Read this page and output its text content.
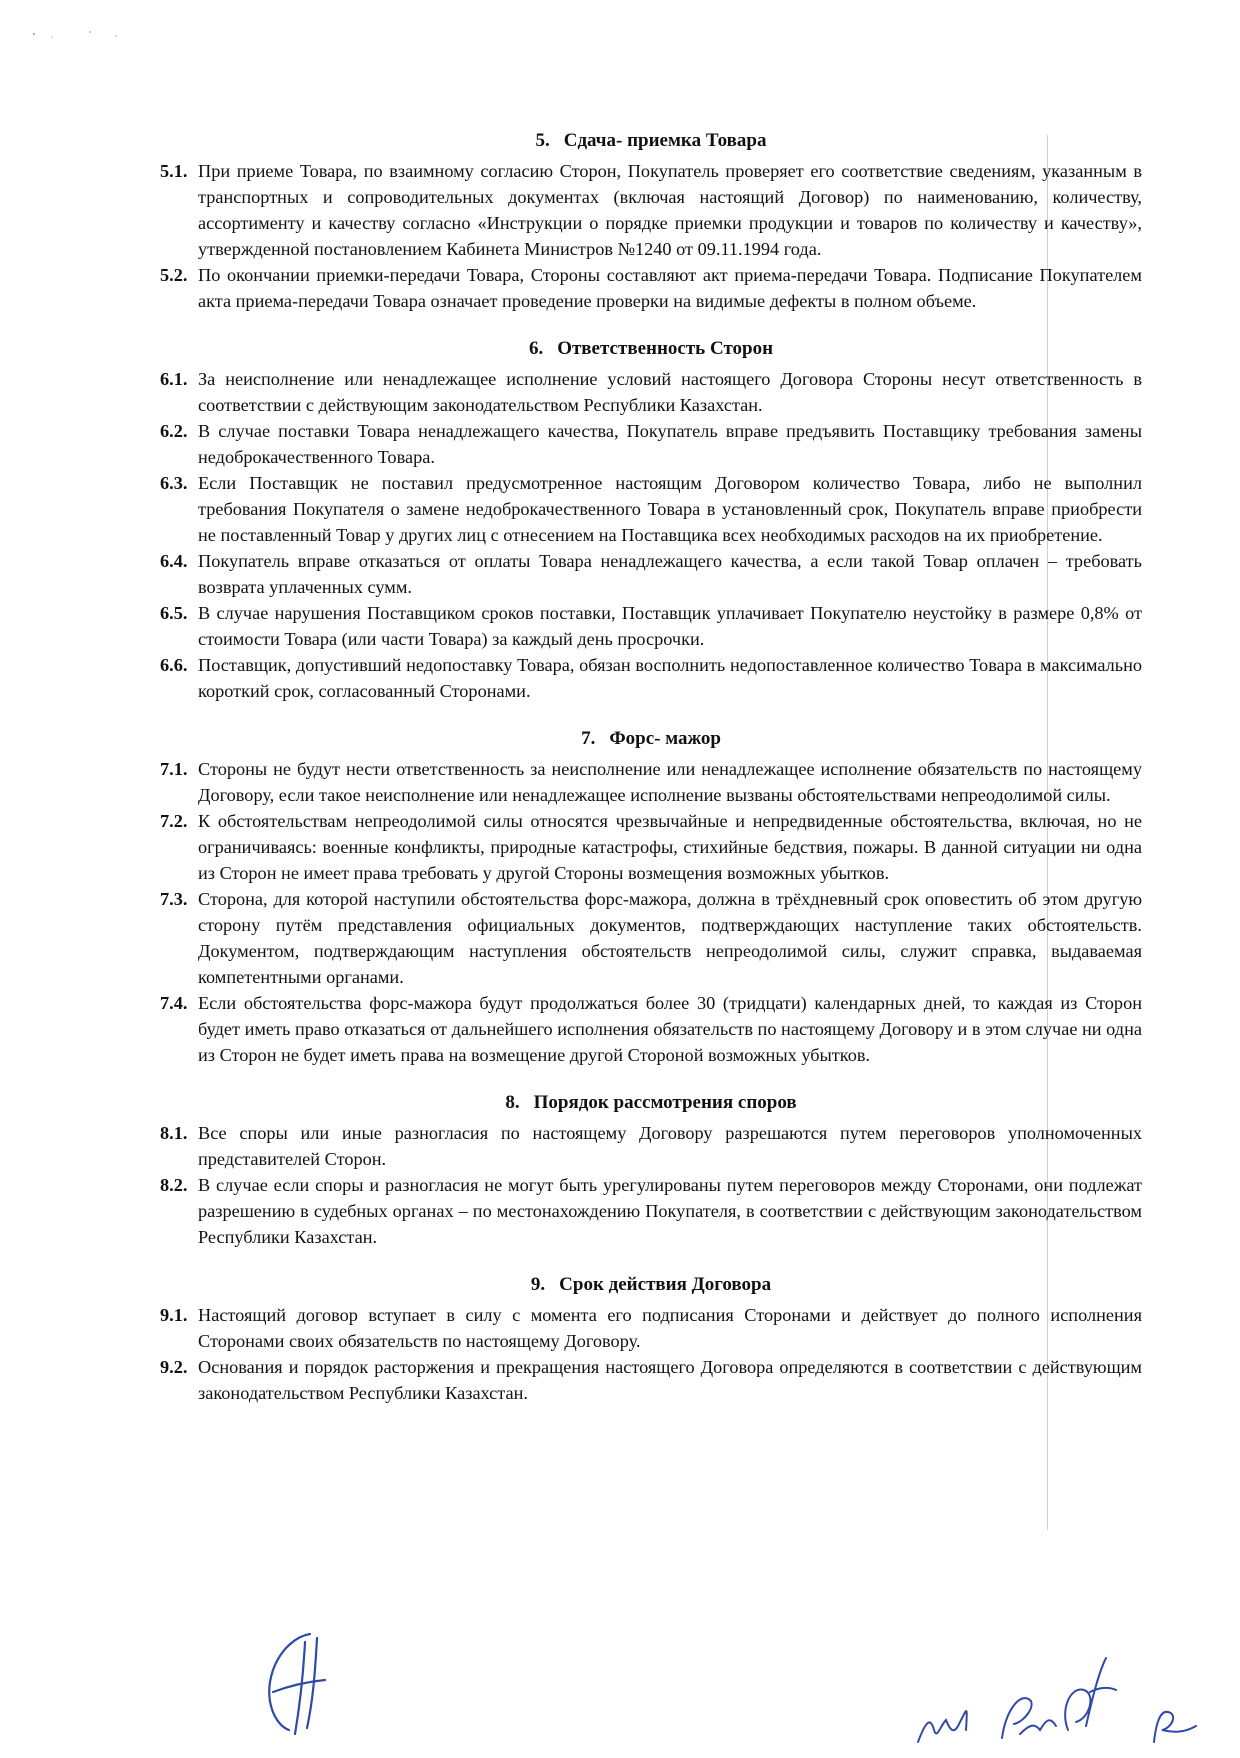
5. Сдача- приемка Товара
5.1. При приеме Товара, по взаимному согласию Сторон, Покупатель проверяет его соответствие сведениям, указанным в транспортных и сопроводительных документах (включая настоящий Договор) по наименованию, количеству, ассортименту и качеству согласно «Инструкции о порядке приемки продукции и товаров по количеству и качеству», утвержденной постановлением Кабинета Министров №1240 от 09.11.1994 года.
5.2. По окончании приемки-передачи Товара, Стороны составляют акт приема-передачи Товара. Подписание Покупателем акта приема-передачи Товара означает проведение проверки на видимые дефекты в полном объеме.
6. Ответственность Сторон
6.1. За неисполнение или ненадлежащее исполнение условий настоящего Договора Стороны несут ответственность в соответствии с действующим законодательством Республики Казахстан.
6.2. В случае поставки Товара ненадлежащего качества, Покупатель вправе предъявить Поставщику требования замены недоброкачественного Товара.
6.3. Если Поставщик не поставил предусмотренное настоящим Договором количество Товара, либо не выполнил требования Покупателя о замене недоброкачественного Товара в установленный срок, Покупатель вправе приобрести не поставленный Товар у других лиц с отнесением на Поставщика всех необходимых расходов на их приобретение.
6.4. Покупатель вправе отказаться от оплаты Товара ненадлежащего качества, а если такой Товар оплачен – требовать возврата уплаченных сумм.
6.5. В случае нарушения Поставщиком сроков поставки, Поставщик уплачивает Покупателю неустойку в размере 0,8% от стоимости Товара (или части Товара) за каждый день просрочки.
6.6. Поставщик, допустивший недопоставку Товара, обязан восполнить недопоставленное количество Товара в максимально короткий срок, согласованный Сторонами.
7. Форс- мажор
7.1. Стороны не будут нести ответственность за неисполнение или ненадлежащее исполнение обязательств по настоящему Договору, если такое неисполнение или ненадлежащее исполнение вызваны обстоятельствами непреодолимой силы.
7.2. К обстоятельствам непреодолимой силы относятся чрезвычайные и непредвиденные обстоятельства, включая, но не ограничиваясь: военные конфликты, природные катастрофы, стихийные бедствия, пожары. В данной ситуации ни одна из Сторон не имеет права требовать у другой Стороны возмещения возможных убытков.
7.3. Сторона, для которой наступили обстоятельства форс-мажора, должна в трёхдневный срок оповестить об этом другую сторону путём представления официальных документов, подтверждающих наступление таких обстоятельств. Документом, подтверждающим наступления обстоятельств непреодолимой силы, служит справка, выдаваемая компетентными органами.
7.4. Если обстоятельства форс-мажора будут продолжаться более 30 (тридцати) календарных дней, то каждая из Сторон будет иметь право отказаться от дальнейшего исполнения обязательств по настоящему Договору и в этом случае ни одна из Сторон не будет иметь права на возмещение другой Стороной возможных убытков.
8. Порядок рассмотрения споров
8.1. Все споры или иные разногласия по настоящему Договору разрешаются путем переговоров уполномоченных представителей Сторон.
8.2. В случае если споры и разногласия не могут быть урегулированы путем переговоров между Сторонами, они подлежат разрешению в судебных органах – по местонахождению Покупателя, в соответствии с действующим законодательством Республики Казахстан.
9. Срок действия Договора
9.1. Настоящий договор вступает в силу с момента его подписания Сторонами и действует до полного исполнения Сторонами своих обязательств по настоящему Договору.
9.2. Основания и порядок расторжения и прекращения настоящего Договора определяются в соответствии с действующим законодательством Республики Казахстан.
